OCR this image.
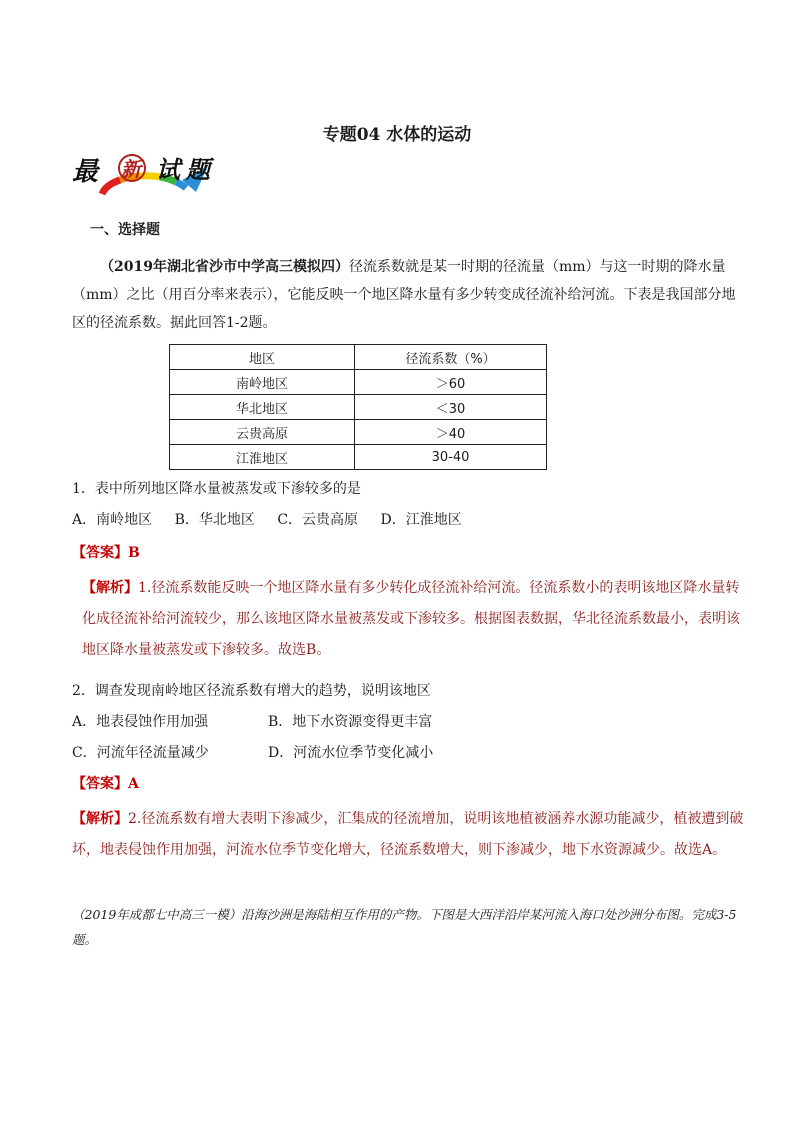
专题04 水体的运动
最 新 试 题
一、选择题
（2019年湖北省沙市中学高三模拟四）径流系数就是某一时期的径流量（mm）与这一时期的降水量（mm）之比（用百分率来表示），它能反映一个地区降水量有多少转变成径流补给河流。下表是我国部分地区的径流系数。据此回答1-2题。
地区	径流系数（%）
南岭地区	＞60
华北地区	＜30
云贵高原	＞40
江淮地区	30-40
1．表中所列地区降水量被蒸发或下渗较多的是
A．南岭地区 B．华北地区 C．云贵高原 D．江淮地区
【答案】B
【解析】1.径流系数能反映一个地区降水量有多少转化成径流补给河流。径流系数小的表明该地区降水量转化成径流补给河流较少，那么该地区降水量被蒸发或下渗较多。根据图表数据，华北径流系数最小，表明该地区降水量被蒸发或下渗较多。故选B。
2．调查发现南岭地区径流系数有增大的趋势，说明该地区
A．地表侵蚀作用加强	B．地下水资源变得更丰富
C．河流年径流量减少	D．河流水位季节变化减小
【答案】A
【解析】2.径流系数有增大表明下渗减少，汇集成的径流增加，说明该地植被涵养水源功能减少，植被遭到破坏，地表侵蚀作用加强，河流水位季节变化增大，径流系数增大，则下渗减少，地下水资源减少。故选A。
（2019年成都七中高三一模）沿海沙洲是海陆相互作用的产物。下图是大西洋沿岸某河流入海口处沙洲分布图。完成3-5题。
